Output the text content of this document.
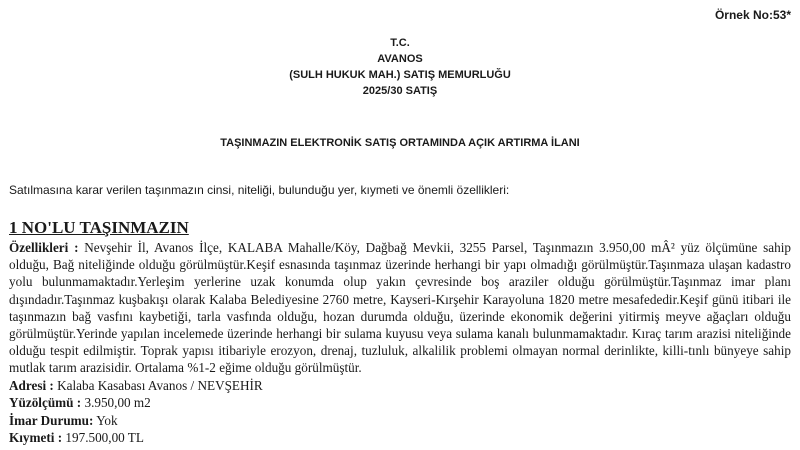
Örnek No:53*
T.C.
AVANOS
(SULH HUKUK MAH.) SATIŞ MEMURLUĞU
2025/30 SATIŞ
TAŞINMAZIN ELEKTRONİK SATIŞ ORTAMINDA AÇIK ARTIRMA İLANI
Satılmasına karar verilen taşınmazın cinsi, niteliği, bulunduğu yer, kıymeti ve önemli özellikleri:
1 NO'LU TAŞINMAZIN
Özellikleri : Nevşehir İl, Avanos İlçe, KALABA Mahalle/Köy, Dağbağ Mevkii, 3255 Parsel, Taşınmazın 3.950,00 mÂ² yüz ölçümüne sahip olduğu, Bağ niteliğinde olduğu görülmüştür.Keşif esnasında taşınmaz üzerinde herhangi bir yapı olmadığı görülmüştür.Taşınmaza ulaşan kadastro yolu bulunmamaktadır.Yerleşim yerlerine uzak konumda olup yakın çevresinde boş araziler olduğu görülmüştür.Taşınmaz imar planı dışındadır.Taşınmaz kuşbakışı olarak Kalaba Belediyesine 2760 metre, Kayseri-Kırşehir Karayoluna 1820 metre mesafededir.Keşif günü itibari ile taşınmazın bağ vasfını kaybetiği, tarla vasfında olduğu, hozan durumda olduğu, üzerinde ekonomik değerini yitirmiş meyve ağaçları olduğu görülmüştür.Yerinde yapılan incelemede üzerinde herhangi bir sulama kuyusu veya sulama kanalı bulunmamaktadır. Kıraç tarım arazisi niteliğinde olduğu tespit edilmiştir. Toprak yapısı itibariyle erozyon, drenaj, tuzluluk, alkalilik problemi olmayan normal derinlikte, killi-tınlı bünyeye sahip mutlak tarım arazisidir. Ortalama %1-2 eğime olduğu görülmüştür.
Adresi : Kalaba Kasabası Avanos / NEVŞEHİR
Yüzölçümü : 3.950,00 m2
İmar Durumu: Yok
Kıymeti : 197.500,00 TL
